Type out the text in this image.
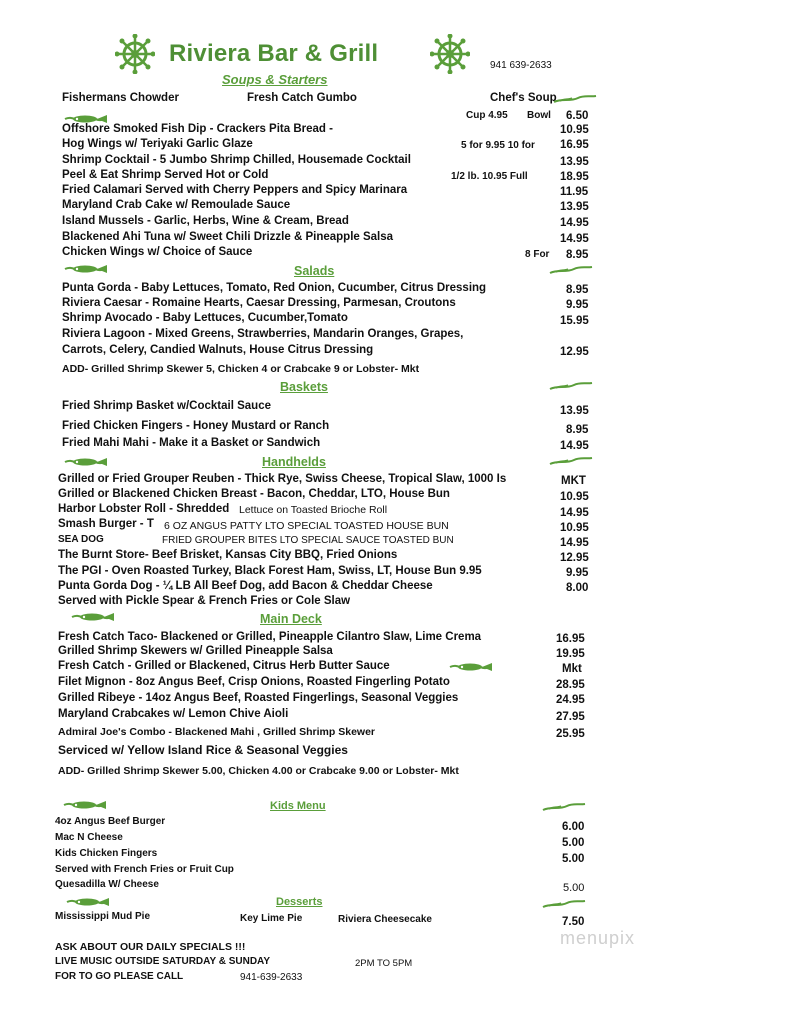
Riviera Bar & Grill	941 639-2633
Soups & Starters
Fishermans Chowder	Fresh Catch Gumbo	Chef's Soup
Cup 4.95 Bowl 6.50
Offshore Smoked Fish Dip - Crackers Pita Bread -	10.95
Hog Wings w/ Teriyaki Garlic Glaze	5 for 9.95 10 for 16.95
Shrimp Cocktail - 5 Jumbo Shrimp Chilled, Housemade Cocktail	13.95
Peel & Eat Shrimp Served Hot or Cold	1/2 lb. 10.95 Full	18.95
Fried Calamari Served with Cherry Peppers and Spicy Marinara	11.95
Maryland Crab Cake w/ Remoulade Sauce	13.95
Island Mussels - Garlic, Herbs, Wine & Cream, Bread	14.95
Blackened Ahi Tuna w/ Sweet Chili Drizzle & Pineapple Salsa	14.95
Chicken Wings w/ Choice of Sauce	8 For 8.95
Salads
Punta Gorda - Baby Lettuces, Tomato, Red Onion, Cucumber, Citrus Dressing	8.95
Riviera Caesar - Romaine Hearts, Caesar Dressing, Parmesan, Croutons	9.95
Shrimp Avocado - Baby Lettuces, Cucumber,Tomato	15.95
Riviera Lagoon - Mixed Greens, Strawberries, Mandarin Oranges, Grapes,
Carrots, Celery, Candied Walnuts, House Citrus Dressing	12.95
ADD- Grilled Shrimp Skewer 5, Chicken 4 or Crabcake 9 or Lobster- Mkt
Baskets
Fried Shrimp Basket w/Cocktail Sauce	13.95
Fried Chicken Fingers - Honey Mustard or Ranch	8.95
Fried Mahi Mahi - Make it a Basket or Sandwich	14.95
Handhelds
Grilled or Fried Grouper Reuben - Thick Rye, Swiss Cheese, Tropical Slaw, 1000 Is	MKT
Grilled or Blackened Chicken Breast - Bacon, Cheddar, LTO, House Bun	10.95
Harbor Lobster Roll - Shredded Lettuce on Toasted Brioche Roll	14.95
Smash Burger - T 6 OZ ANGUS PATTY LTO SPECIAL TOASTED HOUSE BUN	10.95
SEA DOG	FRIED GROUPER BITES LTO SPECIAL SAUCE TOASTED BUN	14.95
The Burnt Store- Beef Brisket, Kansas City BBQ, Fried Onions	12.95
The PGI - Oven Roasted Turkey, Black Forest Ham, Swiss, LT, House Bun 9.95	9.95
Punta Gorda Dog - ¼ LB All Beef Dog, add Bacon & Cheddar Cheese	8.00
Served with Pickle Spear & French Fries or Cole Slaw
Main Deck
Fresh Catch Taco- Blackened or Grilled, Pineapple Cilantro Slaw, Lime Crema	16.95
Grilled Shrimp Skewers w/ Grilled Pineapple Salsa	19.95
Fresh Catch - Grilled or Blackened, Citrus Herb Butter Sauce	Mkt
Filet Mignon - 8oz Angus Beef, Crisp Onions, Roasted Fingerling Potato	28.95
Grilled Ribeye - 14oz Angus Beef, Roasted Fingerlings, Seasonal Veggies	24.95
Maryland Crabcakes w/ Lemon Chive Aioli	27.95
Admiral Joe's Combo - Blackened Mahi , Grilled Shrimp Skewer	25.95
Serviced w/ Yellow Island Rice & Seasonal Veggies
ADD- Grilled Shrimp Skewer 5.00, Chicken 4.00 or Crabcake 9.00 or Lobster- Mkt
Kids Menu
4oz Angus Beef Burger	6.00
Mac N Cheese	5.00
Kids Chicken Fingers	5.00
Served with French Fries or Fruit Cup
Quesadilla W/ Cheese	5.00
Desserts
Mississippi Mud Pie	Key Lime Pie	Riviera Cheesecake	7.50
ASK ABOUT OUR DAILY SPECIALS !!!
LIVE MUSIC OUTSIDE SATURDAY & SUNDAY	2PM TO 5PM
FOR TO GO PLEASE CALL	941-639-2633
menupix
